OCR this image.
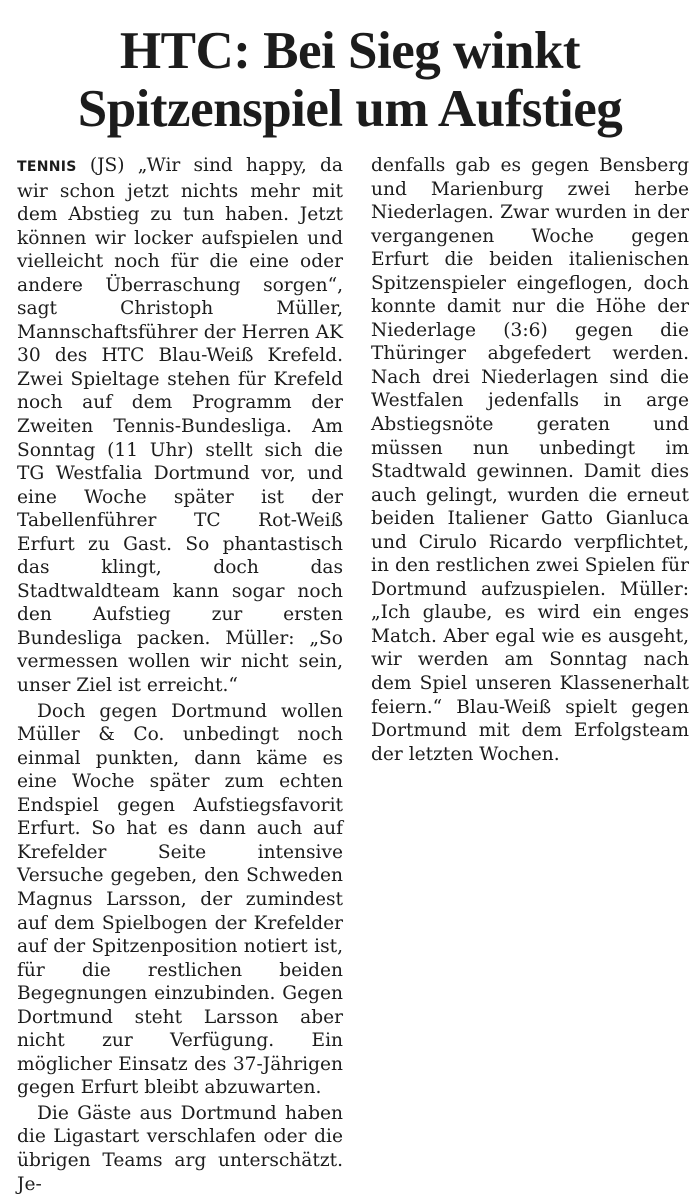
HTC: Bei Sieg winkt
Spitzenspiel um Aufstieg

TENNIS (JS) „Wir sind happy, da wir schon jetzt nichts mehr mit dem Abstieg zu tun haben. Jetzt können wir locker aufspielen und vielleicht noch für die eine oder andere Überraschung sorgen“, sagt Christoph Müller, Mannschaftsführer der Herren AK 30 des HTC Blau-Weiß Krefeld. Zwei Spieltage stehen für Krefeld noch auf dem Programm der Zweiten Tennis-Bundesliga. Am Sonntag (11 Uhr) stellt sich die TG Westfalia Dortmund vor, und eine Woche später ist der Tabellenführer TC Rot-Weiß Erfurt zu Gast. So phantastisch das klingt, doch das Stadtwaldteam kann sogar noch den Aufstieg zur ersten Bundesliga packen. Müller: „So vermessen wollen wir nicht sein, unser Ziel ist erreicht.“

Doch gegen Dortmund wollen Müller & Co. unbedingt noch einmal punkten, dann käme es eine Woche später zum echten Endspiel gegen Aufstiegsfavorit Erfurt. So hat es dann auch auf Krefelder Seite intensive Versuche gegeben, den Schweden Magnus Larsson, der zumindest auf dem Spielbogen der Krefelder auf der Spitzenposition notiert ist, für die restlichen beiden Begegnungen einzubinden. Gegen Dortmund steht Larsson aber nicht zur Verfügung. Ein möglicher Einsatz des 37-Jährigen gegen Erfurt bleibt abzuwarten.

Die Gäste aus Dortmund haben die Ligastart verschlafen oder die übrigen Teams arg unterschätzt. Je-

denfalls gab es gegen Bensberg und Marienburg zwei herbe Niederlagen. Zwar wurden in der vergangenen Woche gegen Erfurt die beiden italienischen Spitzenspieler eingeflogen, doch konnte damit nur die Höhe der Niederlage (3:6) gegen die Thüringer abgefedert werden. Nach drei Niederlagen sind die Westfalen jedenfalls in arge Abstiegsnöte geraten und müssen nun unbedingt im Stadtwald gewinnen. Damit dies auch gelingt, wurden die erneut beiden Italiener Gatto Gianluca und Cirulo Ricardo verpflichtet, in den restlichen zwei Spielen für Dortmund aufzuspielen. Müller: „Ich glaube, es wird ein enges Match. Aber egal wie es ausgeht, wir werden am Sonntag nach dem Spiel unseren Klassenerhalt feiern.“ Blau-Weiß spielt gegen Dortmund mit dem Erfolgsteam der letzten Wochen.
